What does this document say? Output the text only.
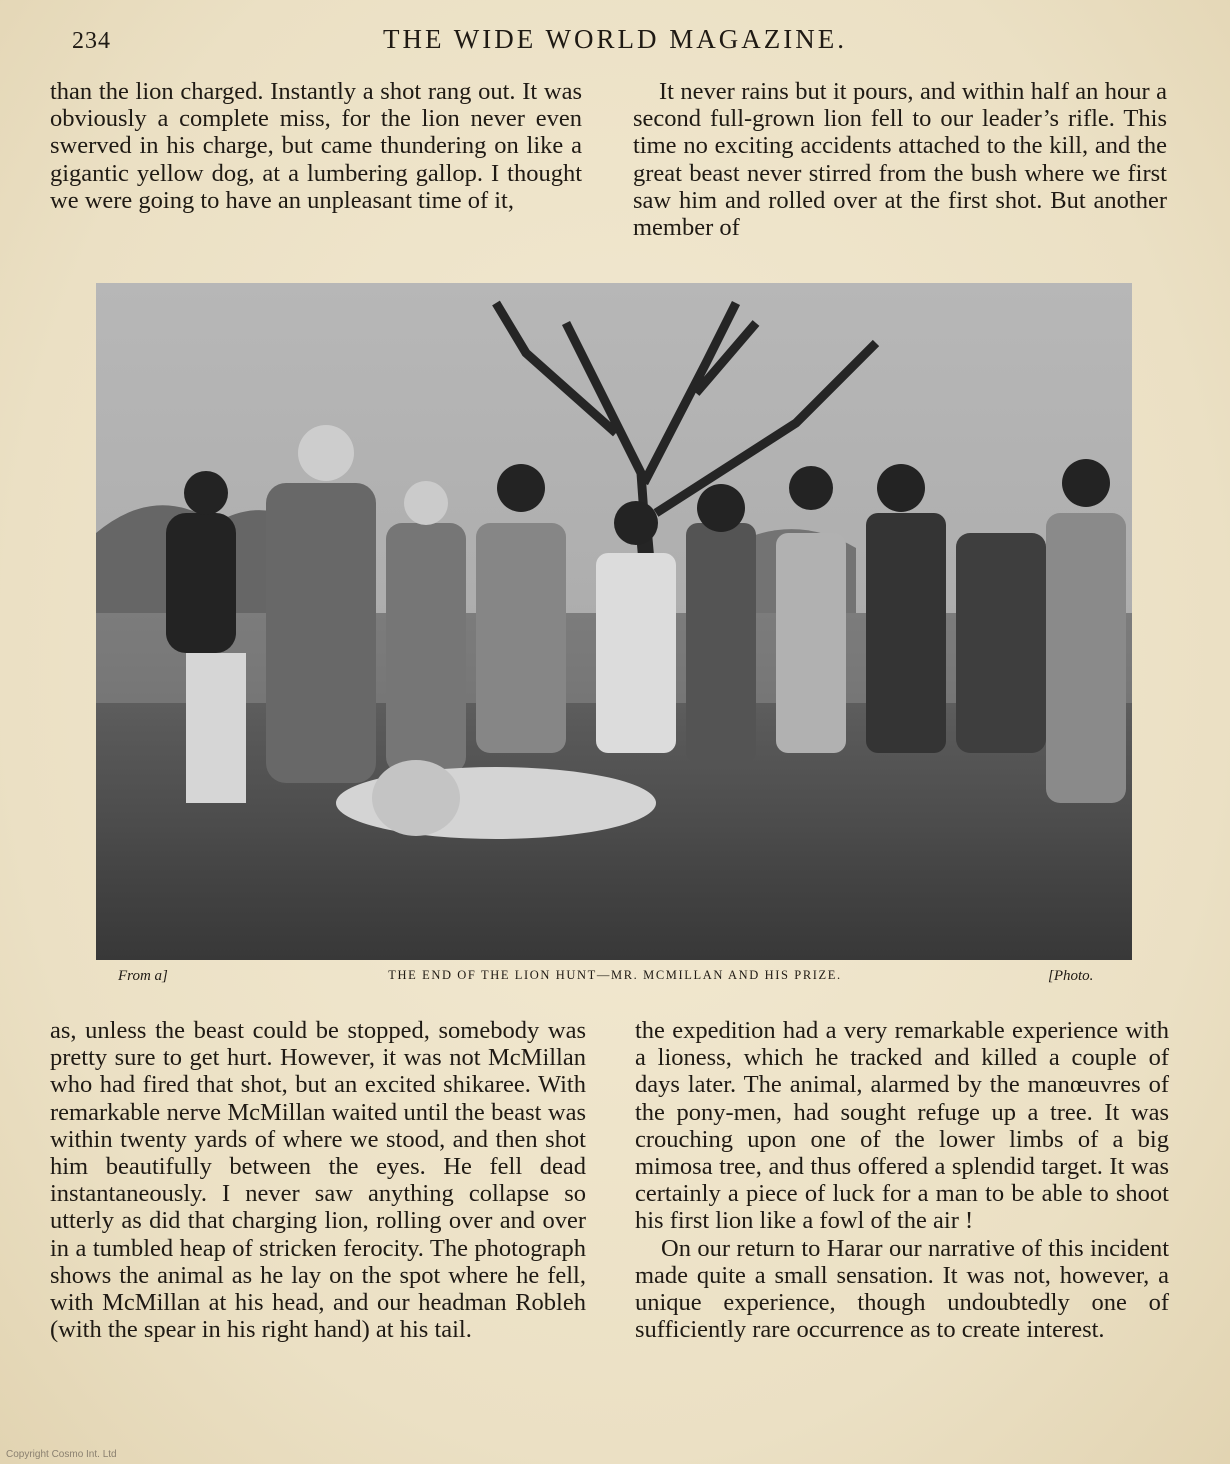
234	THE WIDE WORLD MAGAZINE.

than the lion charged. Instantly a shot rang out. It was obviously a complete miss, for the lion never even swerved in his charge, but came thundering on like a gigantic yellow dog, at a lumbering gallop. I thought we were going to have an unpleasant time of it,

It never rains but it pours, and within half an hour a second full-grown lion fell to our leader’s rifle. This time no exciting accidents attached to the kill, and the great beast never stirred from the bush where we first saw him and rolled over at the first shot. But another member of

From a]	THE END OF THE LION HUNT—MR. MCMILLAN AND HIS PRIZE.	[Photo.

as, unless the beast could be stopped, somebody was pretty sure to get hurt. However, it was not McMillan who had fired that shot, but an excited shikaree. With remarkable nerve McMillan waited until the beast was within twenty yards of where we stood, and then shot him beautifully between the eyes. He fell dead instantaneously. I never saw anything collapse so utterly as did that charging lion, rolling over and over in a tumbled heap of stricken ferocity. The photograph shows the animal as he lay on the spot where he fell, with McMillan at his head, and our headman Robleh (with the spear in his right hand) at his tail.

the expedition had a very remarkable experience with a lioness, which he tracked and killed a couple of days later. The animal, alarmed by the manœuvres of the pony-men, had sought refuge up a tree. It was crouching upon one of the lower limbs of a big mimosa tree, and thus offered a splendid target. It was certainly a piece of luck for a man to be able to shoot his first lion like a fowl of the air !

On our return to Harar our narrative of this incident made quite a small sensation. It was not, however, a unique experience, though undoubtedly one of sufficiently rare occurrence as to create interest.

Copyright Cosmo Int. Ltd
